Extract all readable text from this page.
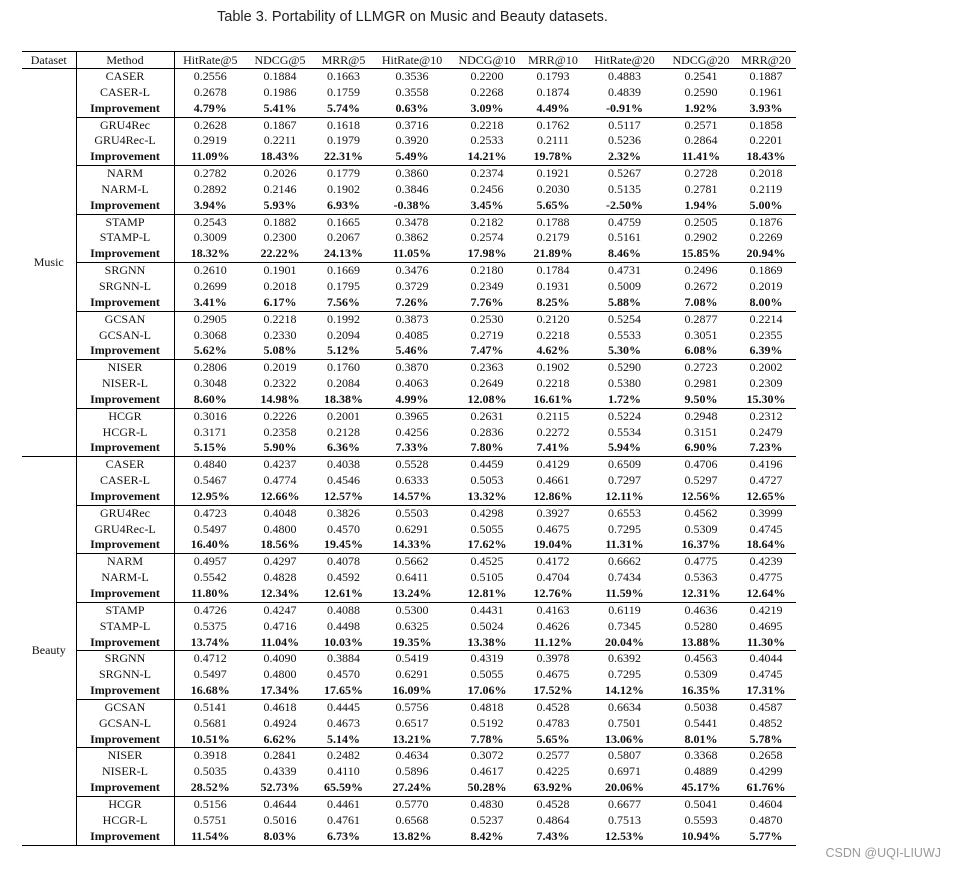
Table 3. Portability of LLMGR on Music and Beauty datasets.
Dataset	Method	HitRate@5	NDCG@5	MRR@5	HitRate@10	NDCG@10	MRR@10	HitRate@20	NDCG@20	MRR@20
Music	CASER	0.2556	0.1884	0.1663	0.3536	0.2200	0.1793	0.4883	0.2541	0.1887
	CASER-L	0.2678	0.1986	0.1759	0.3558	0.2268	0.1874	0.4839	0.2590	0.1961
	Improvement	4.79%	5.41%	5.74%	0.63%	3.09%	4.49%	-0.91%	1.92%	3.93%
	GRU4Rec	0.2628	0.1867	0.1618	0.3716	0.2218	0.1762	0.5117	0.2571	0.1858
	GRU4Rec-L	0.2919	0.2211	0.1979	0.3920	0.2533	0.2111	0.5236	0.2864	0.2201
	Improvement	11.09%	18.43%	22.31%	5.49%	14.21%	19.78%	2.32%	11.41%	18.43%
	NARM	0.2782	0.2026	0.1779	0.3860	0.2374	0.1921	0.5267	0.2728	0.2018
	NARM-L	0.2892	0.2146	0.1902	0.3846	0.2456	0.2030	0.5135	0.2781	0.2119
	Improvement	3.94%	5.93%	6.93%	-0.38%	3.45%	5.65%	-2.50%	1.94%	5.00%
	STAMP	0.2543	0.1882	0.1665	0.3478	0.2182	0.1788	0.4759	0.2505	0.1876
	STAMP-L	0.3009	0.2300	0.2067	0.3862	0.2574	0.2179	0.5161	0.2902	0.2269
	Improvement	18.32%	22.22%	24.13%	11.05%	17.98%	21.89%	8.46%	15.85%	20.94%
	SRGNN	0.2610	0.1901	0.1669	0.3476	0.2180	0.1784	0.4731	0.2496	0.1869
	SRGNN-L	0.2699	0.2018	0.1795	0.3729	0.2349	0.1931	0.5009	0.2672	0.2019
	Improvement	3.41%	6.17%	7.56%	7.26%	7.76%	8.25%	5.88%	7.08%	8.00%
	GCSAN	0.2905	0.2218	0.1992	0.3873	0.2530	0.2120	0.5254	0.2877	0.2214
	GCSAN-L	0.3068	0.2330	0.2094	0.4085	0.2719	0.2218	0.5533	0.3051	0.2355
	Improvement	5.62%	5.08%	5.12%	5.46%	7.47%	4.62%	5.30%	6.08%	6.39%
	NISER	0.2806	0.2019	0.1760	0.3870	0.2363	0.1902	0.5290	0.2723	0.2002
	NISER-L	0.3048	0.2322	0.2084	0.4063	0.2649	0.2218	0.5380	0.2981	0.2309
	Improvement	8.60%	14.98%	18.38%	4.99%	12.08%	16.61%	1.72%	9.50%	15.30%
	HCGR	0.3016	0.2226	0.2001	0.3965	0.2631	0.2115	0.5224	0.2948	0.2312
	HCGR-L	0.3171	0.2358	0.2128	0.4256	0.2836	0.2272	0.5534	0.3151	0.2479
	Improvement	5.15%	5.90%	6.36%	7.33%	7.80%	7.41%	5.94%	6.90%	7.23%
Beauty	CASER	0.4840	0.4237	0.4038	0.5528	0.4459	0.4129	0.6509	0.4706	0.4196
	CASER-L	0.5467	0.4774	0.4546	0.6333	0.5053	0.4661	0.7297	0.5297	0.4727
	Improvement	12.95%	12.66%	12.57%	14.57%	13.32%	12.86%	12.11%	12.56%	12.65%
	GRU4Rec	0.4723	0.4048	0.3826	0.5503	0.4298	0.3927	0.6553	0.4562	0.3999
	GRU4Rec-L	0.5497	0.4800	0.4570	0.6291	0.5055	0.4675	0.7295	0.5309	0.4745
	Improvement	16.40%	18.56%	19.45%	14.33%	17.62%	19.04%	11.31%	16.37%	18.64%
	NARM	0.4957	0.4297	0.4078	0.5662	0.4525	0.4172	0.6662	0.4775	0.4239
	NARM-L	0.5542	0.4828	0.4592	0.6411	0.5105	0.4704	0.7434	0.5363	0.4775
	Improvement	11.80%	12.34%	12.61%	13.24%	12.81%	12.76%	11.59%	12.31%	12.64%
	STAMP	0.4726	0.4247	0.4088	0.5300	0.4431	0.4163	0.6119	0.4636	0.4219
	STAMP-L	0.5375	0.4716	0.4498	0.6325	0.5024	0.4626	0.7345	0.5280	0.4695
	Improvement	13.74%	11.04%	10.03%	19.35%	13.38%	11.12%	20.04%	13.88%	11.30%
	SRGNN	0.4712	0.4090	0.3884	0.5419	0.4319	0.3978	0.6392	0.4563	0.4044
	SRGNN-L	0.5497	0.4800	0.4570	0.6291	0.5055	0.4675	0.7295	0.5309	0.4745
	Improvement	16.68%	17.34%	17.65%	16.09%	17.06%	17.52%	14.12%	16.35%	17.31%
	GCSAN	0.5141	0.4618	0.4445	0.5756	0.4818	0.4528	0.6634	0.5038	0.4587
	GCSAN-L	0.5681	0.4924	0.4673	0.6517	0.5192	0.4783	0.7501	0.5441	0.4852
	Improvement	10.51%	6.62%	5.14%	13.21%	7.78%	5.65%	13.06%	8.01%	5.78%
	NISER	0.3918	0.2841	0.2482	0.4634	0.3072	0.2577	0.5807	0.3368	0.2658
	NISER-L	0.5035	0.4339	0.4110	0.5896	0.4617	0.4225	0.6971	0.4889	0.4299
	Improvement	28.52%	52.73%	65.59%	27.24%	50.28%	63.92%	20.06%	45.17%	61.76%
	HCGR	0.5156	0.4644	0.4461	0.5770	0.4830	0.4528	0.6677	0.5041	0.4604
	HCGR-L	0.5751	0.5016	0.4761	0.6568	0.5237	0.4864	0.7513	0.5593	0.4870
	Improvement	11.54%	8.03%	6.73%	13.82%	8.42%	7.43%	12.53%	10.94%	5.77%
CSDN @UQI-LIUWJ
